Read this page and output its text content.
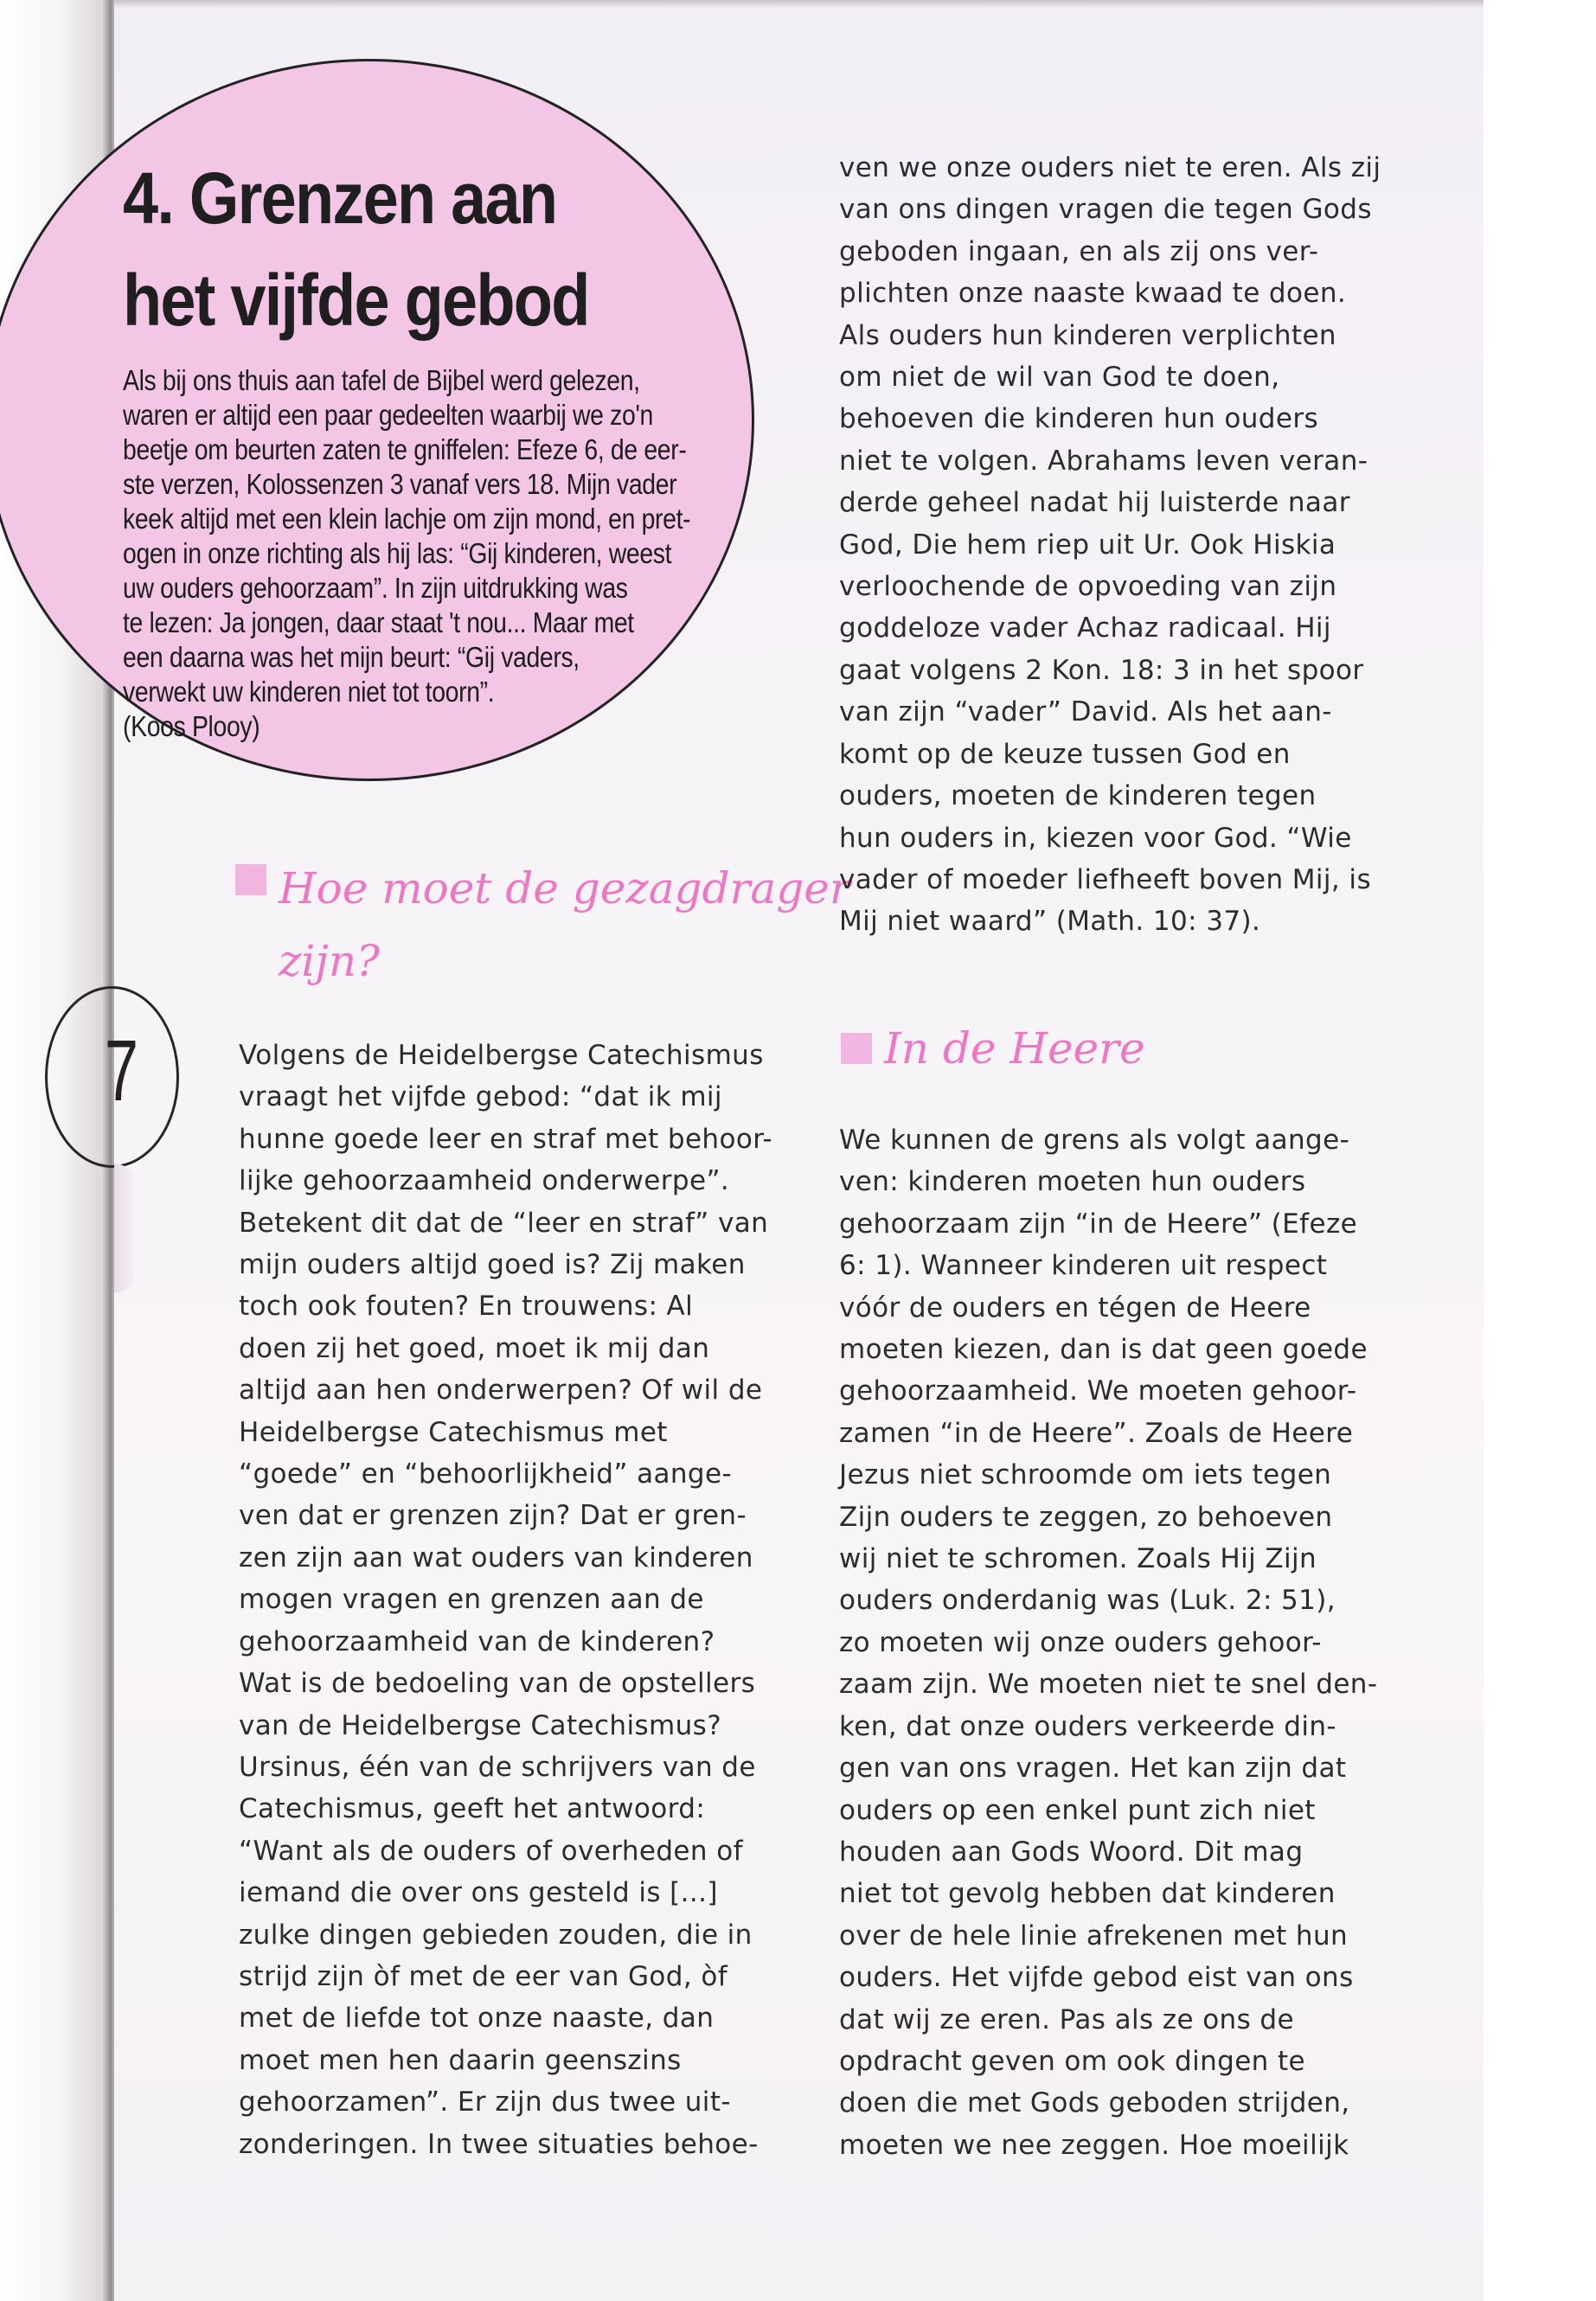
4. Grenzen aan
het vijfde gebod
Als bij ons thuis aan tafel de Bijbel werd gelezen,
waren er altijd een paar gedeelten waarbij we zo'n
beetje om beurten zaten te gniffelen: Efeze 6, de eer-
ste verzen, Kolossenzen 3 vanaf vers 18. Mijn vader
keek altijd met een klein lachje om zijn mond, en pret-
ogen in onze richting als hij las: “Gij kinderen, weest
uw ouders gehoorzaam”. In zijn uitdrukking was
te lezen: Ja jongen, daar staat 't nou... Maar met
een daarna was het mijn beurt: “Gij vaders,
verwekt uw kinderen niet tot toorn”.
(Koos Plooy)
Hoe moet de gezagdrager
zijn?
7	Volgens de Heidelbergse Catechismus
vraagt het vijfde gebod: “dat ik mij
hunne goede leer en straf met behoor-
lijke gehoorzaamheid onderwerpe”.
Betekent dit dat de “leer en straf” van
mijn ouders altijd goed is? Zij maken
toch ook fouten? En trouwens: Al
doen zij het goed, moet ik mij dan
altijd aan hen onderwerpen? Of wil de
Heidelbergse Catechismus met
“goede” en “behoorlijkheid” aange-
ven dat er grenzen zijn? Dat er gren-
zen zijn aan wat ouders van kinderen
mogen vragen en grenzen aan de
gehoorzaamheid van de kinderen?
Wat is de bedoeling van de opstellers
van de Heidelbergse Catechismus?
Ursinus, één van de schrijvers van de
Catechismus, geeft het antwoord:
“Want als de ouders of overheden of
iemand die over ons gesteld is [...]
zulke dingen gebieden zouden, die in
strijd zijn òf met de eer van God, òf
met de liefde tot onze naaste, dan
moet men hen daarin geenszins
gehoorzamen”. Er zijn dus twee uit-
zonderingen. In twee situaties behoe-
ven we onze ouders niet te eren. Als zij
van ons dingen vragen die tegen Gods
geboden ingaan, en als zij ons ver-
plichten onze naaste kwaad te doen.
Als ouders hun kinderen verplichten
om niet de wil van God te doen,
behoeven die kinderen hun ouders
niet te volgen. Abrahams leven veran-
derde geheel nadat hij luisterde naar
God, Die hem riep uit Ur. Ook Hiskia
verloochende de opvoeding van zijn
goddeloze vader Achaz radicaal. Hij
gaat volgens 2 Kon. 18: 3 in het spoor
van zijn “vader” David. Als het aan-
komt op de keuze tussen God en
ouders, moeten de kinderen tegen
hun ouders in, kiezen voor God. “Wie
vader of moeder liefheeft boven Mij, is
Mij niet waard” (Math. 10: 37).
In de Heere
We kunnen de grens als volgt aange-
ven: kinderen moeten hun ouders
gehoorzaam zijn “in de Heere” (Efeze
6: 1). Wanneer kinderen uit respect
vóór de ouders en tégen de Heere
moeten kiezen, dan is dat geen goede
gehoorzaamheid. We moeten gehoor-
zamen “in de Heere”. Zoals de Heere
Jezus niet schroomde om iets tegen
Zijn ouders te zeggen, zo behoeven
wij niet te schromen. Zoals Hij Zijn
ouders onderdanig was (Luk. 2: 51),
zo moeten wij onze ouders gehoor-
zaam zijn. We moeten niet te snel den-
ken, dat onze ouders verkeerde din-
gen van ons vragen. Het kan zijn dat
ouders op een enkel punt zich niet
houden aan Gods Woord. Dit mag
niet tot gevolg hebben dat kinderen
over de hele linie afrekenen met hun
ouders. Het vijfde gebod eist van ons
dat wij ze eren. Pas als ze ons de
opdracht geven om ook dingen te
doen die met Gods geboden strijden,
moeten we nee zeggen. Hoe moeilijk
